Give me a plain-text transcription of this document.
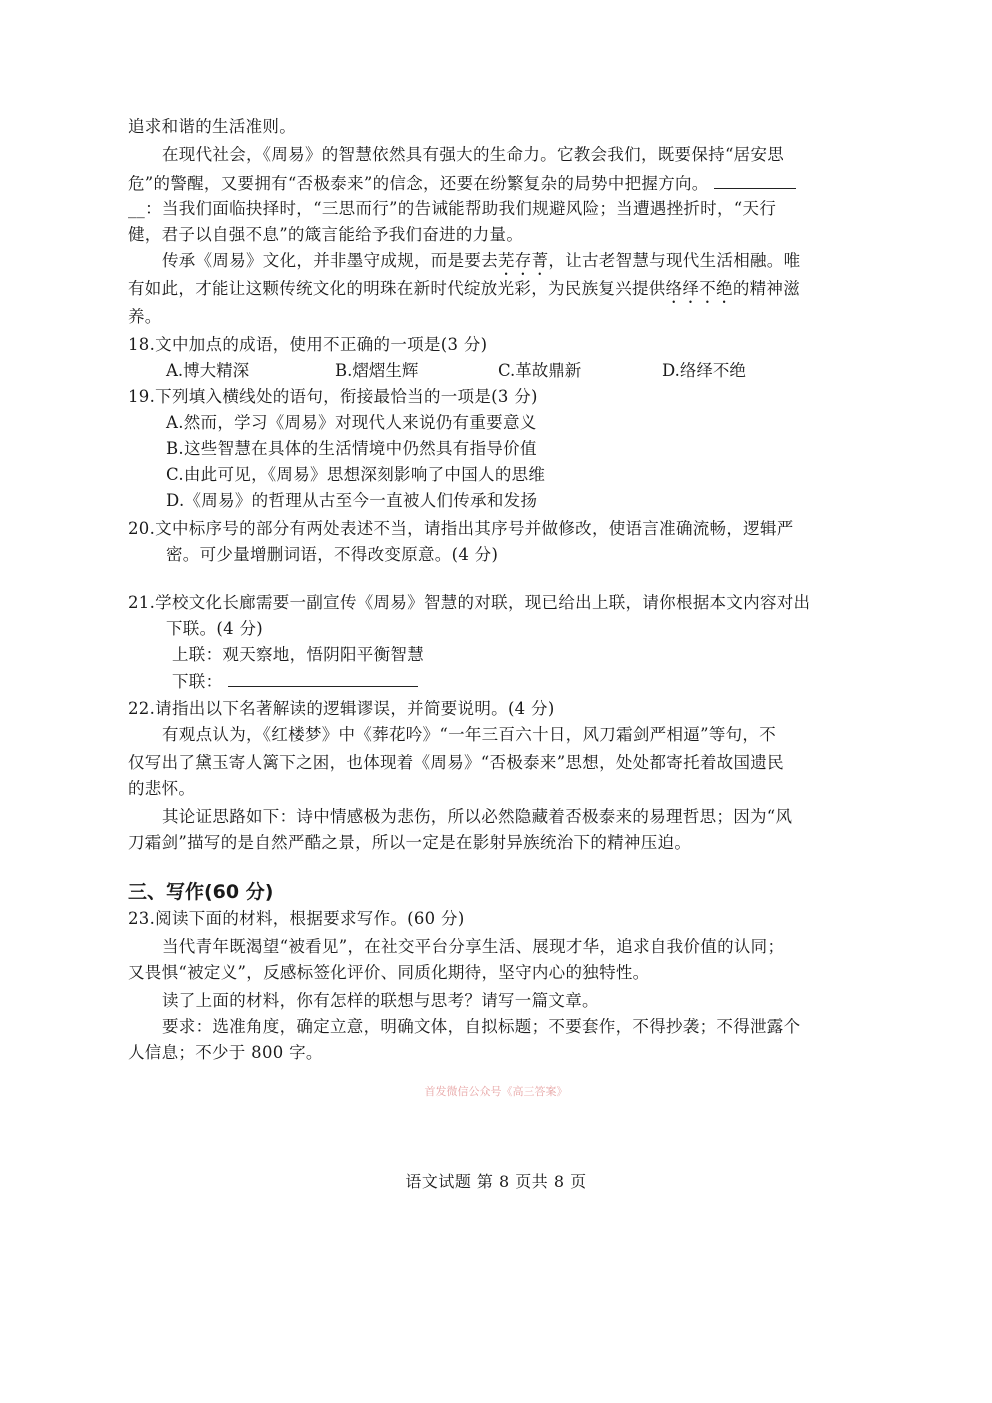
追求和谐的生活准则。
在现代社会，《周易》的智慧依然具有强大的生命力。它教会我们，既要保持“居安思
危”的警醒，又要拥有“否极泰来”的信念，还要在纷繁复杂的局势中把握方向。
__：当我们面临抉择时，“三思而行”的告诫能帮助我们规避风险；当遭遇挫折时，“天行
健，君子以自强不息”的箴言能给予我们奋进的力量。
传承《周易》文化，并非墨守成规，而是要去芜存菁，让古老智慧与现代生活相融。唯
有如此，才能让这颗传统文化的明珠在新时代绽放光彩，为民族复兴提供络绎不绝的精神滋
养。
18.文中加点的成语，使用不正确的一项是(3 分)
A.博大精深	B.熠熠生辉	C.革故鼎新	D.络绎不绝
19.下列填入横线处的语句，衔接最恰当的一项是(3 分)
A.然而，学习《周易》对现代人来说仍有重要意义
B.这些智慧在具体的生活情境中仍然具有指导价值
C.由此可见，《周易》思想深刻影响了中国人的思维
D.《周易》的哲理从古至今一直被人们传承和发扬
20.文中标序号的部分有两处表述不当，请指出其序号并做修改，使语言准确流畅，逻辑严
密。可少量增删词语，不得改变原意。(4 分)
21.学校文化长廊需要一副宣传《周易》智慧的对联，现已给出上联，请你根据本文内容对出
下联。(4 分)
上联：观天察地，悟阴阳平衡智慧
下联：
22.请指出以下名著解读的逻辑谬误，并简要说明。(4 分)
有观点认为，《红楼梦》中《葬花吟》“一年三百六十日，风刀霜剑严相逼”等句，不
仅写出了黛玉寄人篱下之困，也体现着《周易》“否极泰来”思想，处处都寄托着故国遗民
的悲怀。
其论证思路如下：诗中情感极为悲伤，所以必然隐藏着否极泰来的易理哲思；因为“风
刀霜剑”描写的是自然严酷之景，所以一定是在影射异族统治下的精神压迫。
三、写作(60 分)
23.阅读下面的材料，根据要求写作。(60 分)
当代青年既渴望“被看见”，在社交平台分享生活、展现才华，追求自我价值的认同；
又畏惧“被定义”，反感标签化评价、同质化期待，坚守内心的独特性。
读了上面的材料，你有怎样的联想与思考？请写一篇文章。
要求：选准角度，确定立意，明确文体，自拟标题；不要套作，不得抄袭；不得泄露个
人信息；不少于 800 字。
首发微信公众号《高三答案》
语文试题 第 8 页共 8 页
